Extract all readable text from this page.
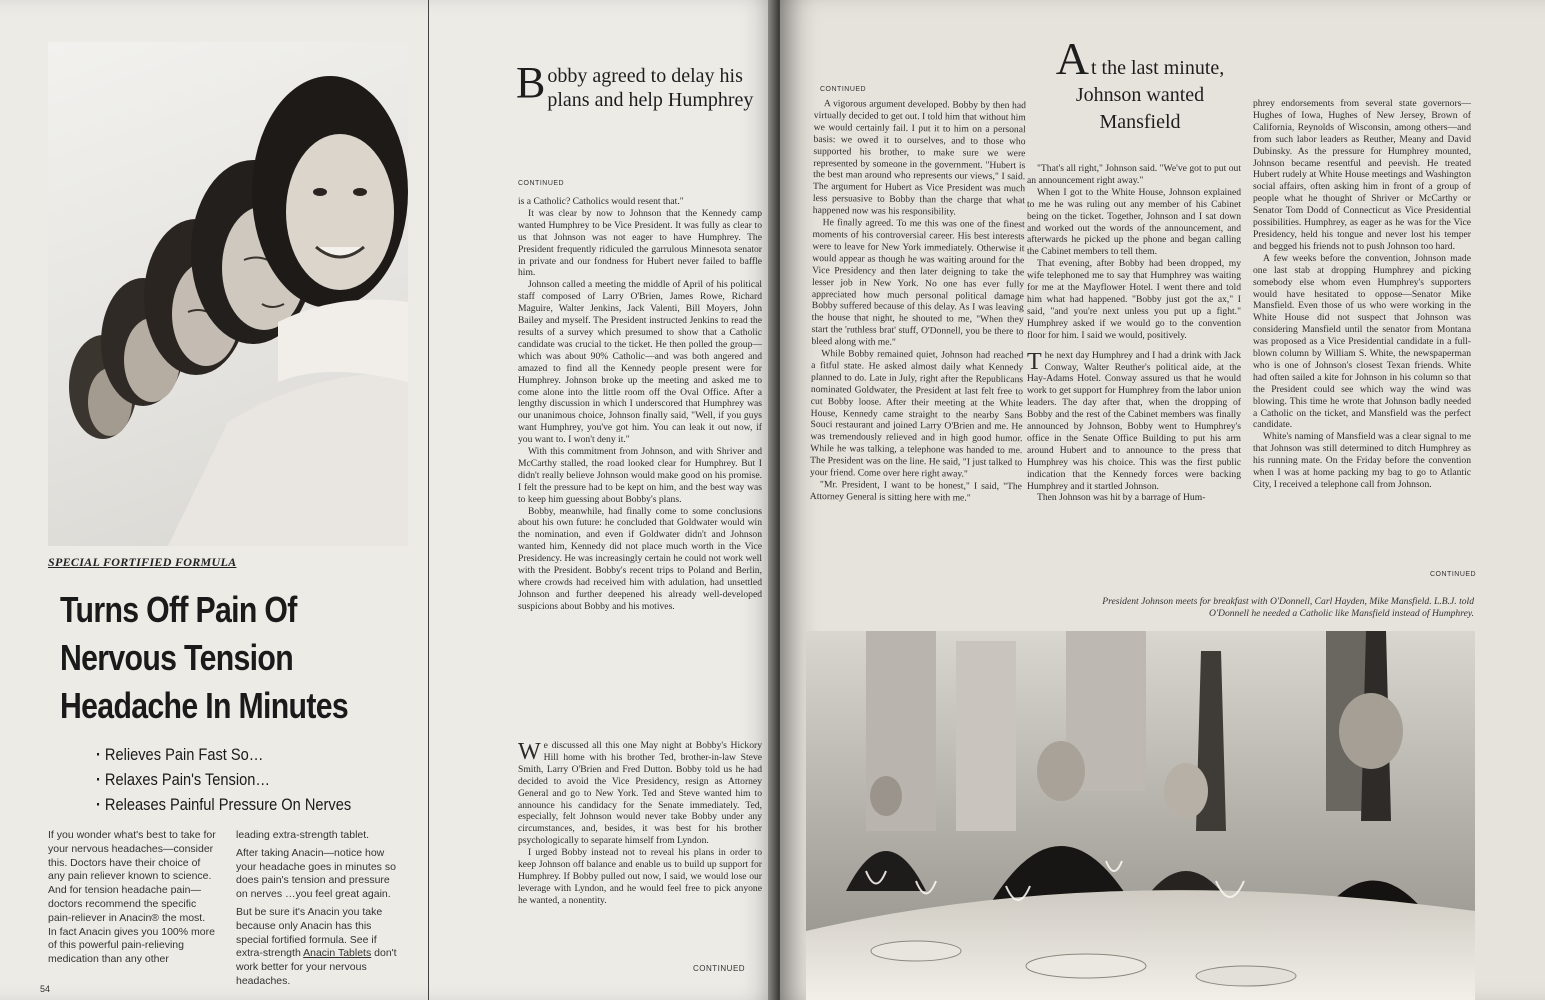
SPECIAL FORTIFIED FORMULA
Turns Off Pain Of
Nervous Tension
Headache In Minutes
· Relieves Pain Fast So…
· Relaxes Pain's Tension…
· Releases Painful Pressure On Nerves

If you wonder what's best to take for your nervous headaches—consider this. Doctors have their choice of any pain reliever known to science. And for tension headache pain—doctors recommend the specific pain-reliever in Anacin® the most. In fact Anacin gives you 100% more of this powerful pain-relieving medication than any other

leading extra-strength tablet.

After taking Anacin—notice how your headache goes in minutes so does pain's tension and pressure on nerves …you feel great again.

But be sure it's Anacin you take because only Anacin has this special fortified formula. See if extra-strength Anacin Tablets don't work better for your nervous headaches.

54
Bobby agreed to delay his plans and help Humphrey
CONTINUED

is a Catholic? Catholics would resent that."

It was clear by now to Johnson that the Kennedy camp wanted Humphrey to be Vice President. It was fully as clear to us that Johnson was not eager to have Humphrey. The President frequently ridiculed the garrulous Minnesota senator in private and our fondness for Hubert never failed to baffle him.

Johnson called a meeting the middle of April of his political staff composed of Larry O'Brien, James Rowe, Richard Maguire, Walter Jenkins, Jack Valenti, Bill Moyers, John Bailey and myself. The President instructed Jenkins to read the results of a survey which presumed to show that a Catholic candidate was crucial to the ticket. He then polled the group—which was about 90% Catholic—and was both angered and amazed to find all the Kennedy people present were for Humphrey. Johnson broke up the meeting and asked me to come alone into the little room off the Oval Office. After a lengthy discussion in which I underscored that Humphrey was our unanimous choice, Johnson finally said, "Well, if you guys want Humphrey, you've got him. You can leak it out now, if you want to. I won't deny it."

With this commitment from Johnson, and with Shriver and McCarthy stalled, the road looked clear for Humphrey. But I didn't really believe Johnson would make good on his promise. I felt the pressure had to be kept on him, and the best way was to keep him guessing about Bobby's plans.

Bobby, meanwhile, had finally come to some conclusions about his own future: he concluded that Goldwater would win the nomination, and even if Goldwater didn't and Johnson wanted him, Kennedy did not place much worth in the Vice Presidency. He was increasingly certain he could not work well with the President. Bobby's recent trips to Poland and Berlin, where crowds had received him with adulation, had unsettled Johnson and further deepened his already well-developed suspicions about Bobby and his motives.

We discussed all this one May night at Bobby's Hickory Hill home with his brother Ted, brother-in-law Steve Smith, Larry O'Brien and Fred Dutton. Bobby told us he had decided to avoid the Vice Presidency, resign as Attorney General and go to New York. Ted and Steve wanted him to announce his candidacy for the Senate immediately. Ted, especially, felt Johnson would never take Bobby under any circumstances, and, besides, it was best for his brother psychologically to separate himself from Lyndon.

I urged Bobby instead not to reveal his plans in order to keep Johnson off balance and enable us to build up support for Humphrey. If Bobby pulled out now, I said, we would lose our leverage with Lyndon, and he would feel free to pick anyone he wanted, a nonentity.

CONTINUED
CONTINUED

A vigorous argument developed. Bobby by then had virtually decided to get out. I told him that without him we would certainly fail. I put it to him on a personal basis: we owed it to ourselves, and to those who supported his brother, to make sure we were represented by someone in the government. "Hubert is the best man around who represents our views," I said. The argument for Hubert as Vice President was much less persuasive to Bobby than the charge that what happened now was his responsibility.

He finally agreed. To me this was one of the finest moments of his controversial career. His best interests were to leave for New York immediately. Otherwise it would appear as though he was waiting around for the Vice Presidency and then later deigning to take the lesser job in New York. No one has ever fully appreciated how much personal political damage Bobby suffered because of this delay. As I was leaving the house that night, he shouted to me, "When they start the 'ruthless brat' stuff, O'Donnell, you be there to bleed along with me."

While Bobby remained quiet, Johnson had reached a fitful state. He asked almost daily what Kennedy planned to do. Late in July, right after the Republicans nominated Goldwater, the President at last felt free to cut Bobby loose. After their meeting at the White House, Kennedy came straight to the nearby Sans Souci restaurant and joined Larry O'Brien and me. He was tremendously relieved and in high good humor. While he was talking, a telephone was handed to me. The President was on the line. He said, "I just talked to your friend. Come over here right away."

"Mr. President, I want to be honest," I said, "The Attorney General is sitting here with me."

At the last minute, Johnson wanted Mansfield

"That's all right," Johnson said. "We've got to put out an announcement right away."

When I got to the White House, Johnson explained to me he was ruling out any member of his Cabinet being on the ticket. Together, Johnson and I sat down and worked out the words of the announcement, and afterwards he picked up the phone and began calling the Cabinet members to tell them.

That evening, after Bobby had been dropped, my wife telephoned me to say that Humphrey was waiting for me at the Mayflower Hotel. I went there and told him what had happened. "Bobby just got the ax," I said, "and you're next unless you put up a fight." Humphrey asked if we would go to the convention floor for him. I said we would, positively.

The next day Humphrey and I had a drink with Jack Conway, Walter Reuther's political aide, at the Hay-Adams Hotel. Conway assured us that he would work to get support for Humphrey from the labor union leaders. The day after that, when the dropping of Bobby and the rest of the Cabinet members was finally announced by Johnson, Bobby went to Humphrey's office in the Senate Office Building to put his arm around Hubert and to announce to the press that Humphrey was his choice. This was the first public indication that the Kennedy forces were backing Humphrey and it startled Johnson.

Then Johnson was hit by a barrage of Hum-

phrey endorsements from several state governors—Hughes of Iowa, Hughes of New Jersey, Brown of California, Reynolds of Wisconsin, among others—and from such labor leaders as Reuther, Meany and David Dubinsky. As the pressure for Humphrey mounted, Johnson became resentful and peevish. He treated Hubert rudely at White House meetings and Washington social affairs, often asking him in front of a group of people what he thought of Shriver or McCarthy or Senator Tom Dodd of Connecticut as Vice Presidential possibilities. Humphrey, as eager as he was for the Vice Presidency, held his tongue and never lost his temper and begged his friends not to push Johnson too hard.

A few weeks before the convention, Johnson made one last stab at dropping Humphrey and picking somebody else whom even Humphrey's supporters would have hesitated to oppose—Senator Mike Mansfield. Even those of us who were working in the White House did not suspect that Johnson was considering Mansfield until the senator from Montana was proposed as a Vice Presidential candidate in a full-blown column by William S. White, the newspaperman who is one of Johnson's closest Texan friends. White had often sailed a kite for Johnson in his column so that the President could see which way the wind was blowing. This time he wrote that Johnson badly needed a Catholic on the ticket, and Mansfield was the perfect candidate.

White's naming of Mansfield was a clear signal to me that Johnson was still determined to ditch Humphrey as his running mate. On the Friday before the convention when I was at home packing my bag to go to Atlantic City, I received a telephone call from Johnson.

CONTINUED
President Johnson meets for breakfast with O'Donnell, Carl Hayden, Mike Mansfield. L.B.J. told O'Donnell he needed a Catholic like Mansfield instead of Humphrey.
